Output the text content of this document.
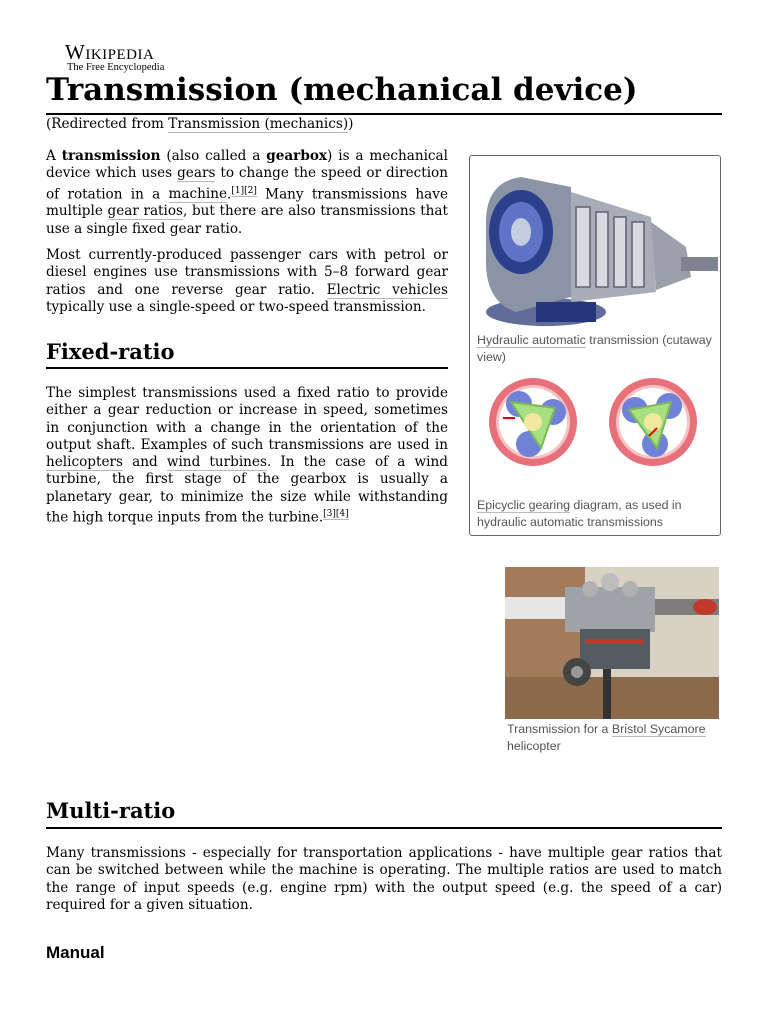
Wikipedia
The Free Encyclopedia
Transmission (mechanical device)
(Redirected from Transmission (mechanics))

A transmission (also called a gearbox) is a mechanical device which uses gears to change the speed or direction of rotation in a machine.[1][2] Many transmissions have multiple gear ratios, but there are also transmissions that use a single fixed gear ratio.

Most currently-produced passenger cars with petrol or diesel engines use transmissions with 5–8 forward gear ratios and one reverse gear ratio. Electric vehicles typically use a single-speed or two-speed transmission.

Fixed-ratio

The simplest transmissions used a fixed ratio to provide either a gear reduction or increase in speed, sometimes in conjunction with a change in the orientation of the output shaft. Examples of such transmissions are used in helicopters and wind turbines. In the case of a wind turbine, the first stage of the gearbox is usually a planetary gear, to minimize the size while withstanding the high torque inputs from the turbine.[3][4]

Hydraulic automatic transmission (cutaway view)
Epicyclic gearing diagram, as used in hydraulic automatic transmissions
Transmission for a Bristol Sycamore helicopter
Multi-ratio

Many transmissions - especially for transportation applications - have multiple gear ratios that can be switched between while the machine is operating. The multiple ratios are used to match the range of input speeds (e.g. engine rpm) with the output speed (e.g. the speed of a car) required for a given situation.

Manual
